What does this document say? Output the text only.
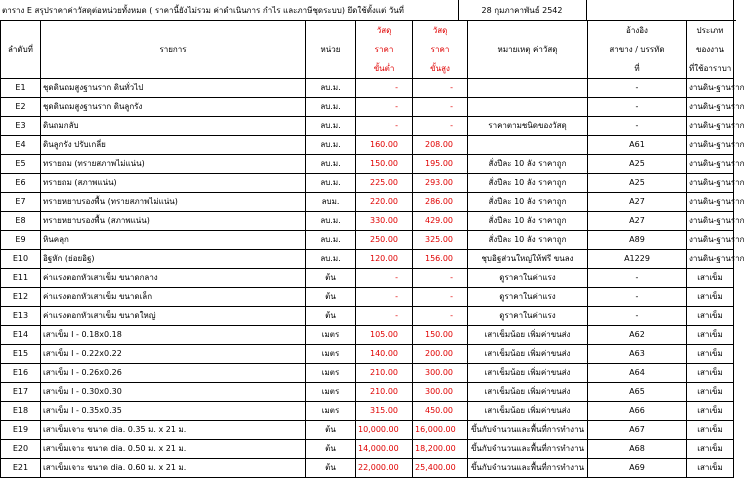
ตาราง E สรุปราคาค่าวัสดุต่อหน่วยทั้งหมด ( ราคานี้ยังไม่รวม ค่าดำเนินการ กำไร และภาษีชุดระบบ) ยึดใช้ตั้งแต่ วันที่	28 กุมภาคาพันธ์ 2542
			วัสดุ	วัสดุ		อ้างอิง	ประเภท
ลำดับที่	รายการ	หน่วย	ราคา	ราคา	หมายเหตุ ค่าวัสดุ	สาขาง / บรรทัด	ของงาน
			ขั้นต่ำ	ขั้นสูง		ที่	ที่ใช้อาราบา
E1	ชุดดินถมสูงฐานราก ดินทั่วไป	ลบ.ม.	-	-		-	งานดิน-ฐานราก
E2	ชุดดินถมสูงฐานราก ดินลูกรัง	ลบ.ม.	-	-		-	งานดิน-ฐานราก
E3	ดินถมกลับ	ลบ.ม.	-	-	ราคาตามชนิดของวัสดุ	-	งานดิน-ฐานราก
E4	ดินลูกรัง ปรับเกลี่ย	ลบ.ม.	160.00	208.00		A61	งานดิน-ฐานราก
E5	ทรายถม (ทรายสภาพไม่แน่น)	ลบ.ม.	150.00	195.00	สั่งปีละ 10 ลัง ราคาถูก	A25	งานดิน-ฐานราก
E6	ทรายถม (สภาพแน่น)	ลบ.ม.	225.00	293.00	สั่งปีละ 10 ลัง ราคาถูก	A25	งานดิน-ฐานราก
E7	ทรายหยาบรองพื้น (ทรายสภาพไม่แน่น)	ลบม.	220.00	286.00	สั่งปีละ 10 ลัง ราคาถูก	A27	งานดิน-ฐานราก
E8	ทรายหยาบรองพื้น (สภาพแน่น)	ลบ.ม.	330.00	429.00	สั่งปีละ 10 ลัง ราคาถูก	A27	งานดิน-ฐานราก
E9	หินคลุก	ลบ.ม.	250.00	325.00	สั่งปีละ 10 ลัง ราคาถูก	A89	งานดิน-ฐานราก
E10	อิฐหัก (ย่อยอิฐ)	ลบ.ม.	120.00	156.00	ชุบอิฐส่วนใหญ่ให้ฟรี ขนลง	A1229	งานดิน-ฐานราก
E11	ค่าแรงตอกหัวเสาเข็ม ขนาดกลาง	ต้น	-	-	ดูราคาในค่าแรง	-	เสาเข็ม
E12	ค่าแรงตอกหัวเสาเข็ม ขนาดเล็ก	ต้น	-	-	ดูราคาในค่าแรง	-	เสาเข็ม
E13	ค่าแรงตอกหัวเสาเข็ม ขนาดใหญ่	ต้น	-	-	ดูราคาในค่าแรง	-	เสาเข็ม
E14	เสาเข็ม I - 0.18x0.18	เมตร	105.00	150.00	เสาเข็มน้อย เพิ่มค่าขนส่ง	A62	เสาเข็ม
E15	เสาเข็ม I - 0.22x0.22	เมตร	140.00	200.00	เสาเข็มน้อย เพิ่มค่าขนส่ง	A63	เสาเข็ม
E16	เสาเข็ม I - 0.26x0.26	เมตร	210.00	300.00	เสาเข็มน้อย เพิ่มค่าขนส่ง	A64	เสาเข็ม
E17	เสาเข็ม I - 0.30x0.30	เมตร	210.00	300.00	เสาเข็มน้อย เพิ่มค่าขนส่ง	A65	เสาเข็ม
E18	เสาเข็ม I - 0.35x0.35	เมตร	315.00	450.00	เสาเข็มน้อย เพิ่มค่าขนส่ง	A66	เสาเข็ม
E19	เสาเข็มเจาะ ขนาด dia. 0.35 ม. x 21 ม.	ต้น	10,000.00	16,000.00	ขึ้นกับจำนวนและพื้นที่การทำงาน	A67	เสาเข็ม
E20	เสาเข็มเจาะ ขนาด dia. 0.50 ม. x 21 ม.	ต้น	14,000.00	18,200.00	ขึ้นกับจำนวนและพื้นที่การทำงาน	A68	เสาเข็ม
E21	เสาเข็มเจาะ ขนาด dia. 0.60 ม. x 21 ม.	ต้น	22,000.00	25,400.00	ขึ้นกับจำนวนและพื้นที่การทำงาน	A69	เสาเข็ม
